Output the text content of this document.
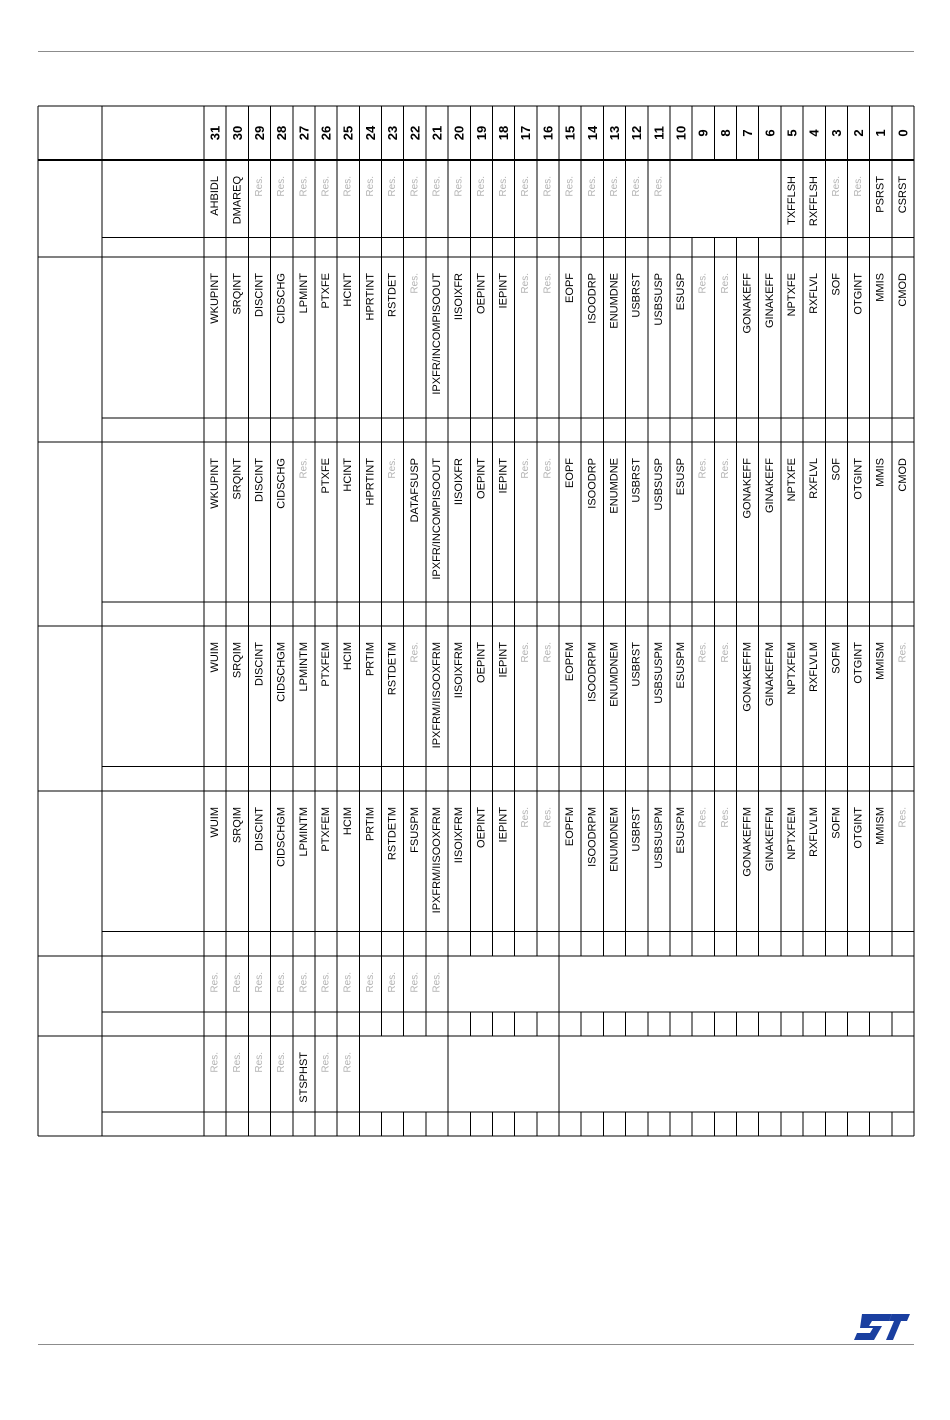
31 30 29 28 27 26 25 24 23 22 21 20 19 18 17 16 15 14 13 12 11 10 9 8 7 6 5 4 3 2 1 0
AHBIDL DMAREQ Res. Res. Res. Res. Res. Res. Res. Res. Res. Res. Res. Res. Res. Res. Res. Res. Res. Res. Res.	TXFFLSH RXFFLSH Res. Res. PSRST CSRST
WKUPINT SRQINT DISCINT CIDSCHG LPMINT PTXFE HCINT HPRTINT RSTDET Res. IPXFR/INCOMPISOOUT IISOIXFR OEPINT IEPINT Res. Res. EOPF ISOODRP ENUMDNE USBRST USBSUSP ESUSP Res. Res. GONAKEFF GINAKEFF NPTXFE RXFLVL SOF OTGINT MMIS CMOD
WKUPINT SRQINT DISCINT CIDSCHG Res. PTXFE HCINT HPRTINT Res. DATAFSUSP IPXFR/INCOMPISOOUT IISOIXFR OEPINT IEPINT Res. Res. EOPF ISOODRP ENUMDNE USBRST USBSUSP ESUSP Res. Res. GONAKEFF GINAKEFF NPTXFE RXFLVL SOF OTGINT MMIS CMOD
WUIM SRQIM DISCINT CIDSCHGM LPMINTM PTXFEM HCIM PRTIM RSTDETM Res. IPXFRM/IISOOXFRM IISOIXFRM OEPINT IEPINT Res. Res. EOPFM ISOODRPM ENUMDNEM USBRST USBSUSPM ESUSPM Res. Res. GONAKEFFM GINAKEFFM NPTXFEM RXFLVLM SOFM OTGINT MMISM Res.
WUIM SRQIM DISCINT CIDSCHGM LPMINTM PTXFEM HCIM PRTIM RSTDETM FSUSPM IPXFRM/IISOOXFRM IISOIXFRM OEPINT IEPINT Res. Res. EOPFM ISOODRPM ENUMDNEM USBRST USBSUSPM ESUSPM Res. Res. GONAKEFFM GINAKEFFM NPTXFEM RXFLVLM SOFM OTGINT MMISM Res.
Res. Res. Res. Res. Res. Res. Res. Res. Res. Res. Res.
Res. Res. Res. Res. STSPHST Res. Res.
